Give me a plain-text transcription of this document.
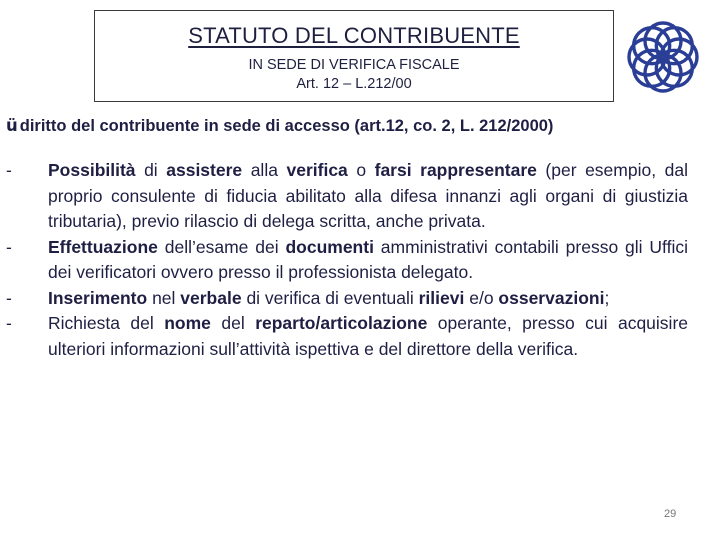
STATUTO DEL CONTRIBUENTE
IN SEDE DI VERIFICA FISCALE
Art. 12 – L.212/00
ü diritto del contribuente in sede di accesso (art.12, co. 2, L. 212/2000)
- Possibilità di assistere alla verifica o farsi rappresentare (per esempio, dal proprio consulente di fiducia abilitato alla difesa innanzi agli organi di giustizia tributaria), previo rilascio di delega scritta, anche privata.
- Effettuazione dell’esame dei documenti amministrativi contabili presso gli Uffici dei verificatori ovvero presso il professionista delegato.
- Inserimento nel verbale di verifica di eventuali rilievi e/o osservazioni;
- Richiesta del nome del reparto/articolazione operante, presso cui acquisire ulteriori informazioni sull’attività ispettiva e del direttore della verifica.
29
